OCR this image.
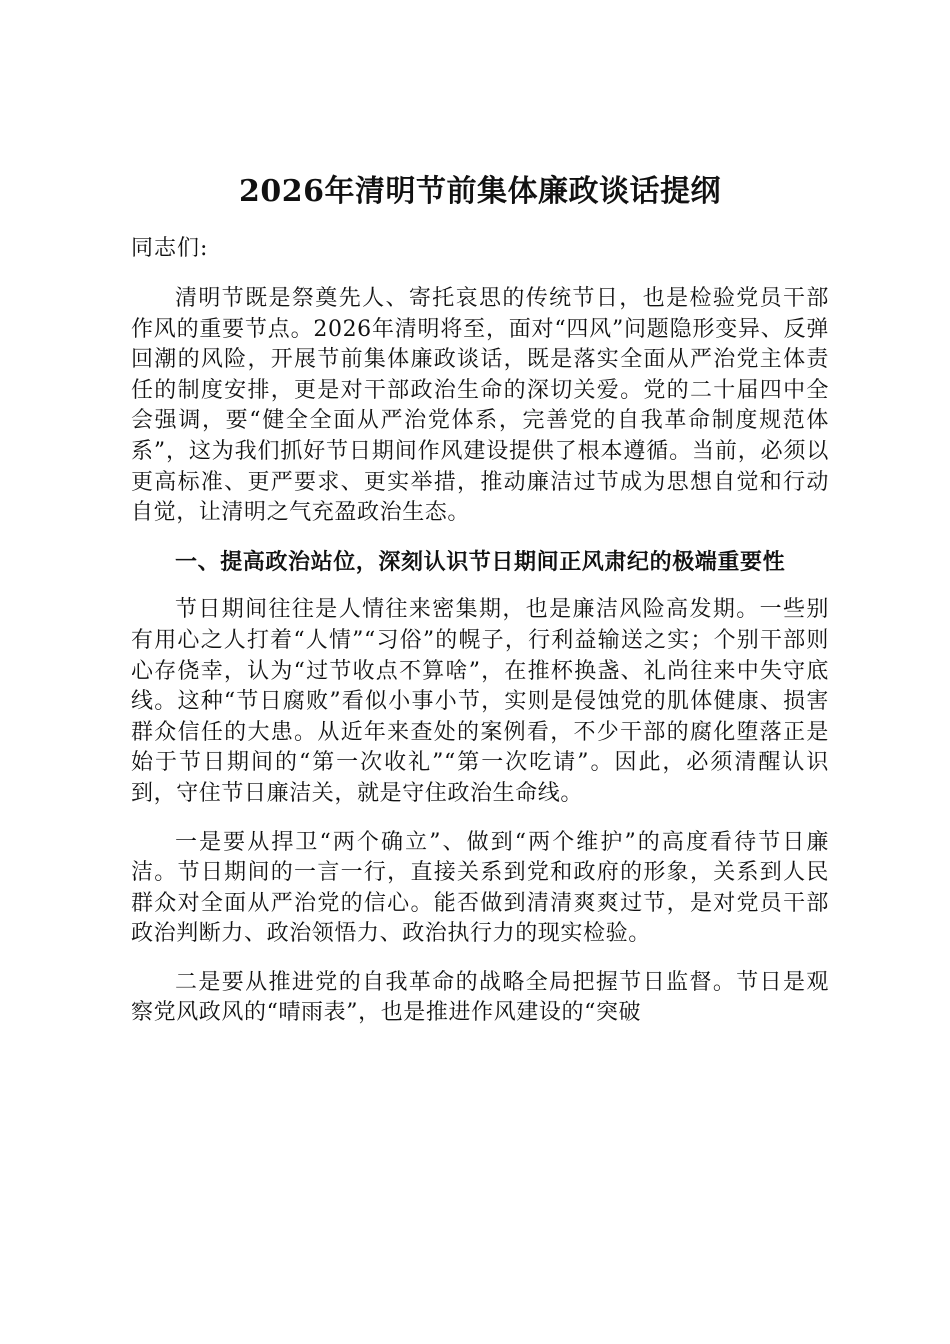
2026年清明节前集体廉政谈话提纲
同志们:

清明节既是祭奠先人、寄托哀思的传统节日，也是检验党员干部作风的重要节点。2026年清明将至，面对“四风”问题隐形变异、反弹回潮的风险，开展节前集体廉政谈话，既是落实全面从严治党主体责任的制度安排，更是对干部政治生命的深切关爱。党的二十届四中全会强调，要“健全全面从严治党体系，完善党的自我革命制度规范体系”，这为我们抓好节日期间作风建设提供了根本遵循。当前，必须以更高标准、更严要求、更实举措，推动廉洁过节成为思想自觉和行动自觉，让清明之气充盈政治生态。

一、提高政治站位，深刻认识节日期间正风肃纪的极端重要性

节日期间往往是人情往来密集期，也是廉洁风险高发期。一些别有用心之人打着“人情”“习俗”的幌子，行利益输送之实；个别干部则心存侥幸，认为“过节收点不算啥”，在推杯换盏、礼尚往来中失守底线。这种“节日腐败”看似小事小节，实则是侵蚀党的肌体健康、损害群众信任的大患。从近年来查处的案例看，不少干部的腐化堕落正是始于节日期间的“第一次收礼”“第一次吃请”。因此，必须清醒认识到，守住节日廉洁关，就是守住政治生命线。

一是要从捍卫“两个确立”、做到“两个维护”的高度看待节日廉洁。节日期间的一言一行，直接关系到党和政府的形象，关系到人民群众对全面从严治党的信心。能否做到清清爽爽过节，是对党员干部政治判断力、政治领悟力、政治执行力的现实检验。

二是要从推进党的自我革命的战略全局把握节日监督。节日是观察党风政风的“晴雨表”，也是推进作风建设的“突破
